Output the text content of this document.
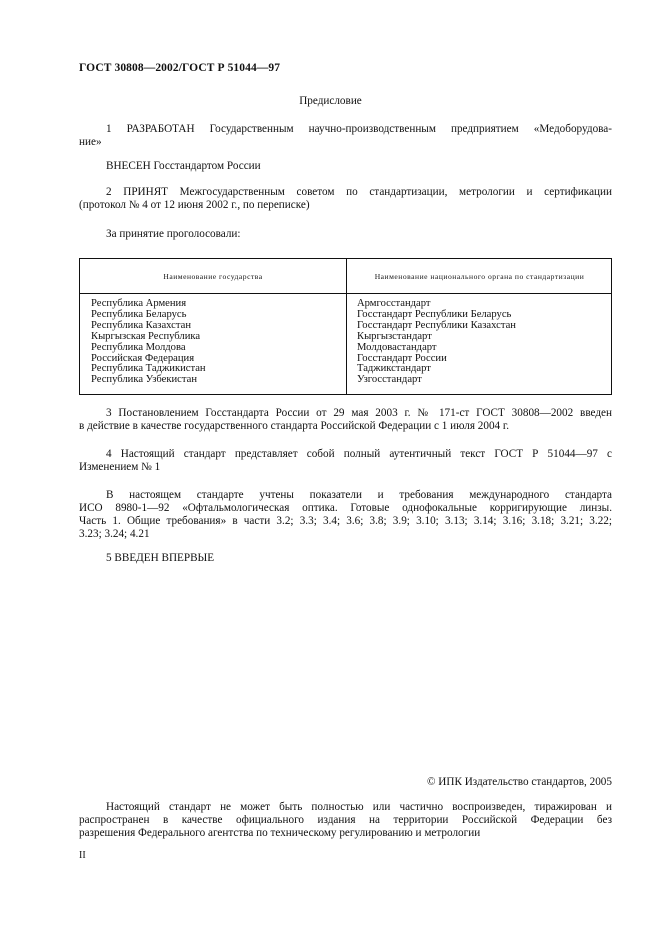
ГОСТ 30808—2002/ГОСТ Р 51044—97
Предисловие
1 РАЗРАБОТАН Государственным научно-производственным предприятием «Медоборудова-
ние»
ВНЕСЕН Госстандартом России
2 ПРИНЯТ Межгосударственным советом по стандартизации, метрологии и сертификации
(протокол № 4 от 12 июня 2002 г., по переписке)
За принятие проголосовали:
Наименование государства	Наименование национального органа по стандартизации
Республика Армения
Республика Беларусь
Республика Казахстан
Кыргызская Республика
Республика Молдова
Российская Федерация
Республика Таджикистан
Республика Узбекистан
Армгосстандарт
Госстандарт Республики Беларусь
Госстандарт Республики Казахстан
Кыргызстандарт
Молдовастандарт
Госстандарт России
Таджикстандарт
Узгосстандарт
3 Постановлением Госстандарта России от 29 мая 2003 г. № 171-ст ГОСТ 30808—2002 введен
в действие в качестве государственного стандарта Российской Федерации с 1 июля 2004 г.
4 Настоящий стандарт представляет собой полный аутентичный текст ГОСТ Р 51044—97 с
Изменением № 1
В настоящем стандарте учтены показатели и требования международного стандарта
ИСО 8980-1—92 «Офтальмологическая оптика. Готовые однофокальные корригирующие линзы.
Часть 1. Общие требования» в части 3.2; 3.3; 3.4; 3.6; 3.8; 3.9; 3.10; 3.13; 3.14; 3.16; 3.18; 3.21; 3.22;
3.23; 3.24; 4.21
5 ВВЕДЕН ВПЕРВЫЕ
© ИПК Издательство стандартов, 2005
Настоящий стандарт не может быть полностью или частично воспроизведен, тиражирован и
распространен в качестве официального издания на территории Российской Федерации без
разрешения Федерального агентства по техническому регулированию и метрологии
II
